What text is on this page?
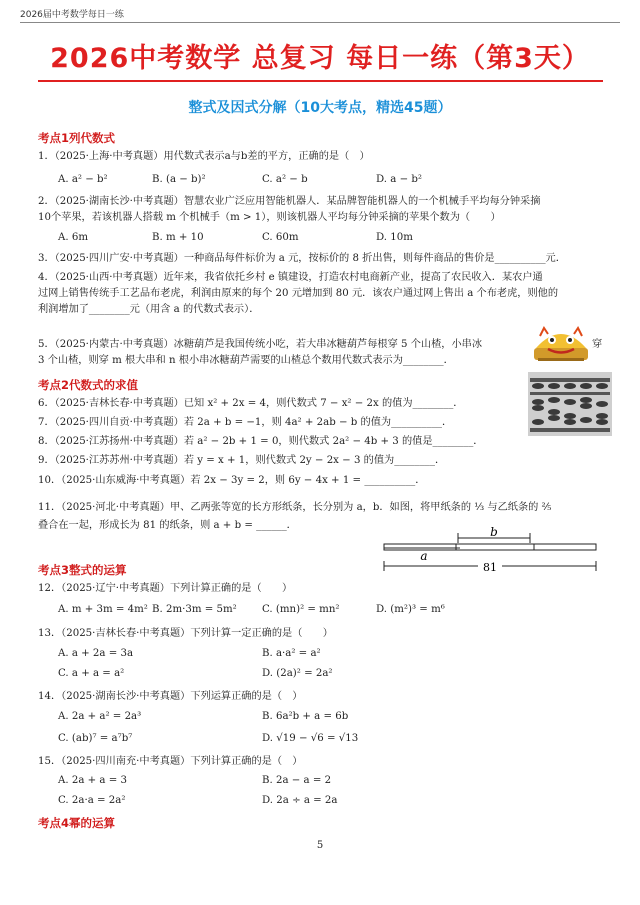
2026届中考数学每日一练
2026中考数学 总复习 每日一练（第3天）
整式及因式分解（10大考点，精选45题）
考点1列代数式
1．（2025·上海·中考真题）用代数式表示a与b差的平方，正确的是（　）
A. a² − b²	B. (a − b)²	C. a² − b	D. a − b²
2．（2025·湖南长沙·中考真题）智慧农业广泛应用智能机器人．某品牌智能机器人的一个机械手平均每分钟采摘
10个苹果，若该机器人搭载 m 个机械手（m > 1），则该机器人平均每分钟采摘的苹果个数为（　　）
A. 6m	B. m + 10	C. 60m	D. 10m
3．（2025·四川广安·中考真题）一种商品每件标价为 a 元，按标价的 8 折出售，则每件商品的售价是__________元．
4．（2025·山西·中考真题）近年来，我省依托乡村 e 镇建设，打造农村电商新产业，提高了农民收入．某农户通
过网上销售传统手工艺品布老虎，利润由原来的每个 20 元增加到 80 元．该农户通过网上售出 a 个布老虎，则他的
利润增加了________元（用含 a 的代数式表示）．
5．（2025·内蒙古·中考真题）冰糖葫芦是我国传统小吃，若大串冰糖葫芦每根穿 5 个山楂，小串冰	穿
3 个山楂，则穿 m 根大串和 n 根小串冰糖葫芦需要的山楂总个数用代数式表示为________．
考点2代数式的求值
6．（2025·吉林长春·中考真题）已知 x² + 2x = 4，则代数式 7 − x² − 2x 的值为________．
7．（2025·四川自贡·中考真题）若 2a + b = −1，则 4a² + 2ab − b 的值为__________．
8．（2025·江苏扬州·中考真题）若 a² − 2b + 1 = 0，则代数式 2a² − 4b + 3 的值是________．
9．（2025·江苏苏州·中考真题）若 y = x + 1，则代数式 2y − 2x − 3 的值为________．
10．（2025·山东威海·中考真题）若 2x − 3y = 2，则 6y − 4x + 1 = __________．
11．（2025·河北·中考真题）甲、乙两张等宽的长方形纸条，长分别为 a，b．如图，将甲纸条的 ⅓ 与乙纸条的 ⅖
叠合在一起，形成长为 81 的纸条，则 a + b = ______．	b
a
81
考点3整式的运算
12．（2025·辽宁·中考真题）下列计算正确的是（　　）
A. m + 3m = 4m² B. 2m·3m = 5m² C. (mn)² = mn²	D. (m²)³ = m⁶
13．（2025·吉林长春·中考真题）下列计算一定正确的是（　　）
A. a + 2a = 3a	B. a·a² = a²
C. a + a = a²	D. (2a)² = 2a²
14．（2025·湖南长沙·中考真题）下列运算正确的是（　）
A. 2a + a² = 2a³	B. 6a²b + a = 6b
C. (ab)⁷ = a⁷b⁷	D. √19 − √6 = √13
15．（2025·四川南充·中考真题）下列计算正确的是（　）
A. 2a + a = 3	B. 2a − a = 2
C. 2a·a = 2a²	D. 2a ÷ a = 2a
考点4幂的运算
5
